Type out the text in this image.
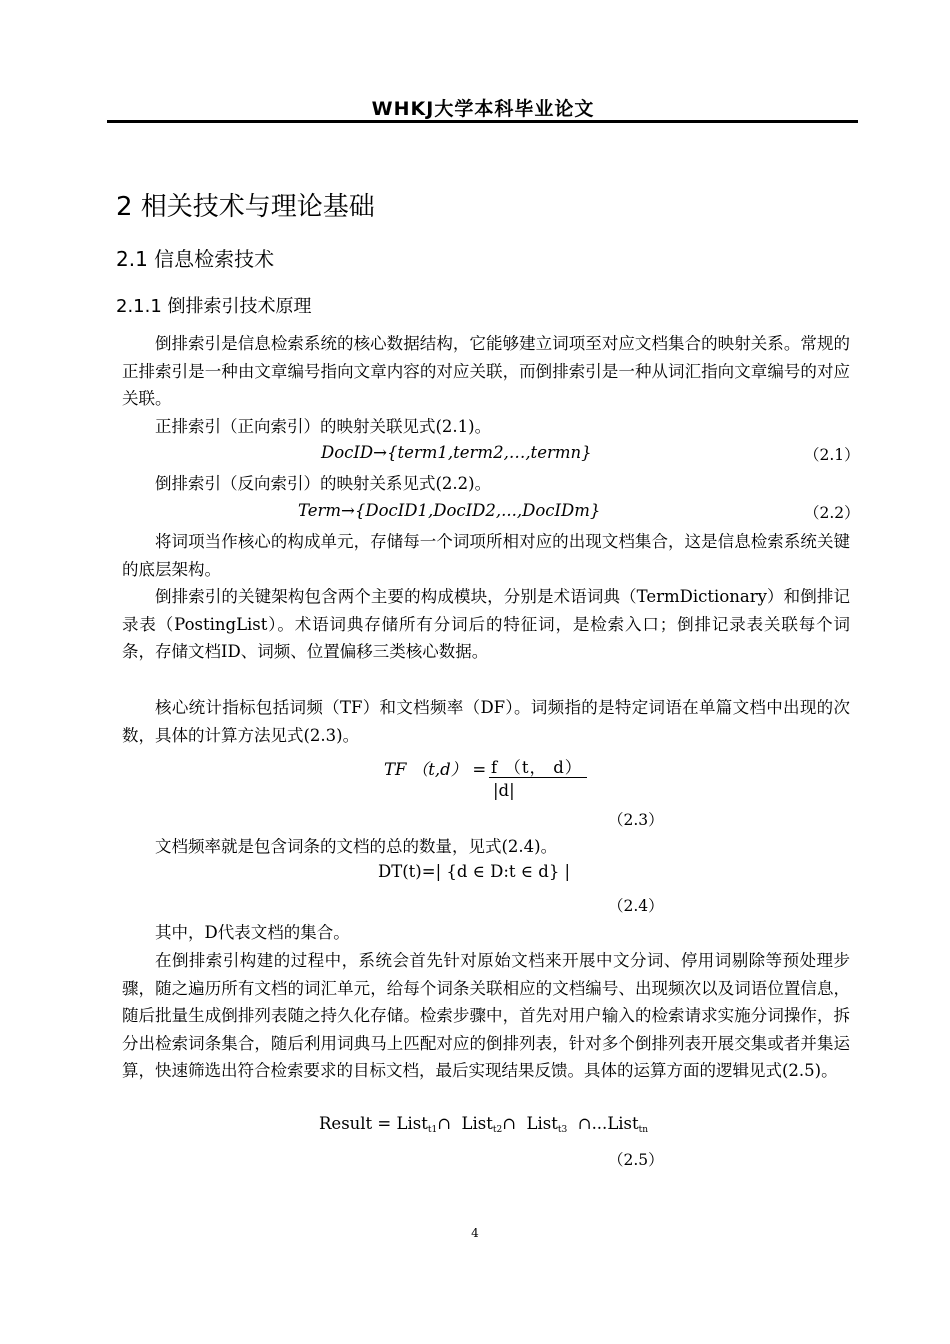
WHKJ大学本科毕业论文
2 相关技术与理论基础
2.1 信息检索技术
2.1.1 倒排索引技术原理

倒排索引是信息检索系统的核心数据结构，它能够建立词项至对应文档集合的映射关系。常规的正排索引是一种由文章编号指向文章内容的对应关联，而倒排索引是一种从词汇指向文章编号的对应关联。

正排索引（正向索引）的映射关联见式(2.1)。

DocID→{term1,term2,…,termn}	（2.1）

倒排索引（反向索引）的映射关系见式(2.2)。

Term→{DocID1,DocID2,...,DocIDm}	（2.2）

将词项当作核心的构成单元，存储每一个词项所相对应的出现文档集合，这是信息检索系统关键的底层架构。

倒排索引的关键架构包含两个主要的构成模块，分别是术语词典（TermDictionary）和倒排记录表（PostingList）。术语词典存储所有分词后的特征词，是检索入口；倒排记录表关联每个词条，存储文档ID、词频、位置偏移三类核心数据。

核心统计指标包括词频（TF）和文档频率（DF）。词频指的是特定词语在单篇文档中出现的次数，具体的计算方法见式(2.3)。

TF （t,d） = f （t， d）
|d|
（2.3）

文档频率就是包含词条的文档的总的数量，见式(2.4)。

DT(t)=| {d ∈ D:t ∈ d} |
（2.4）

其中，D代表文档的集合。

在倒排索引构建的过程中，系统会首先针对原始文档来开展中文分词、停用词剔除等预处理步骤，随之遍历所有文档的词汇单元，给每个词条关联相应的文档编号、出现频次以及词语位置信息，随后批量生成倒排列表随之持久化存储。检索步骤中，首先对用户输入的检索请求实施分词操作，拆分出检索词条集合，随后利用词典马上匹配对应的倒排列表，针对多个倒排列表开展交集或者并集运算，快速筛选出符合检索要求的目标文档，最后实现结果反馈。具体的运算方面的逻辑见式(2.5)。

Result = List$_{t1}$∩ List$_{t2}$∩ List$_{t3}$ ∩...List$_{tn}$
（2.5）
4
